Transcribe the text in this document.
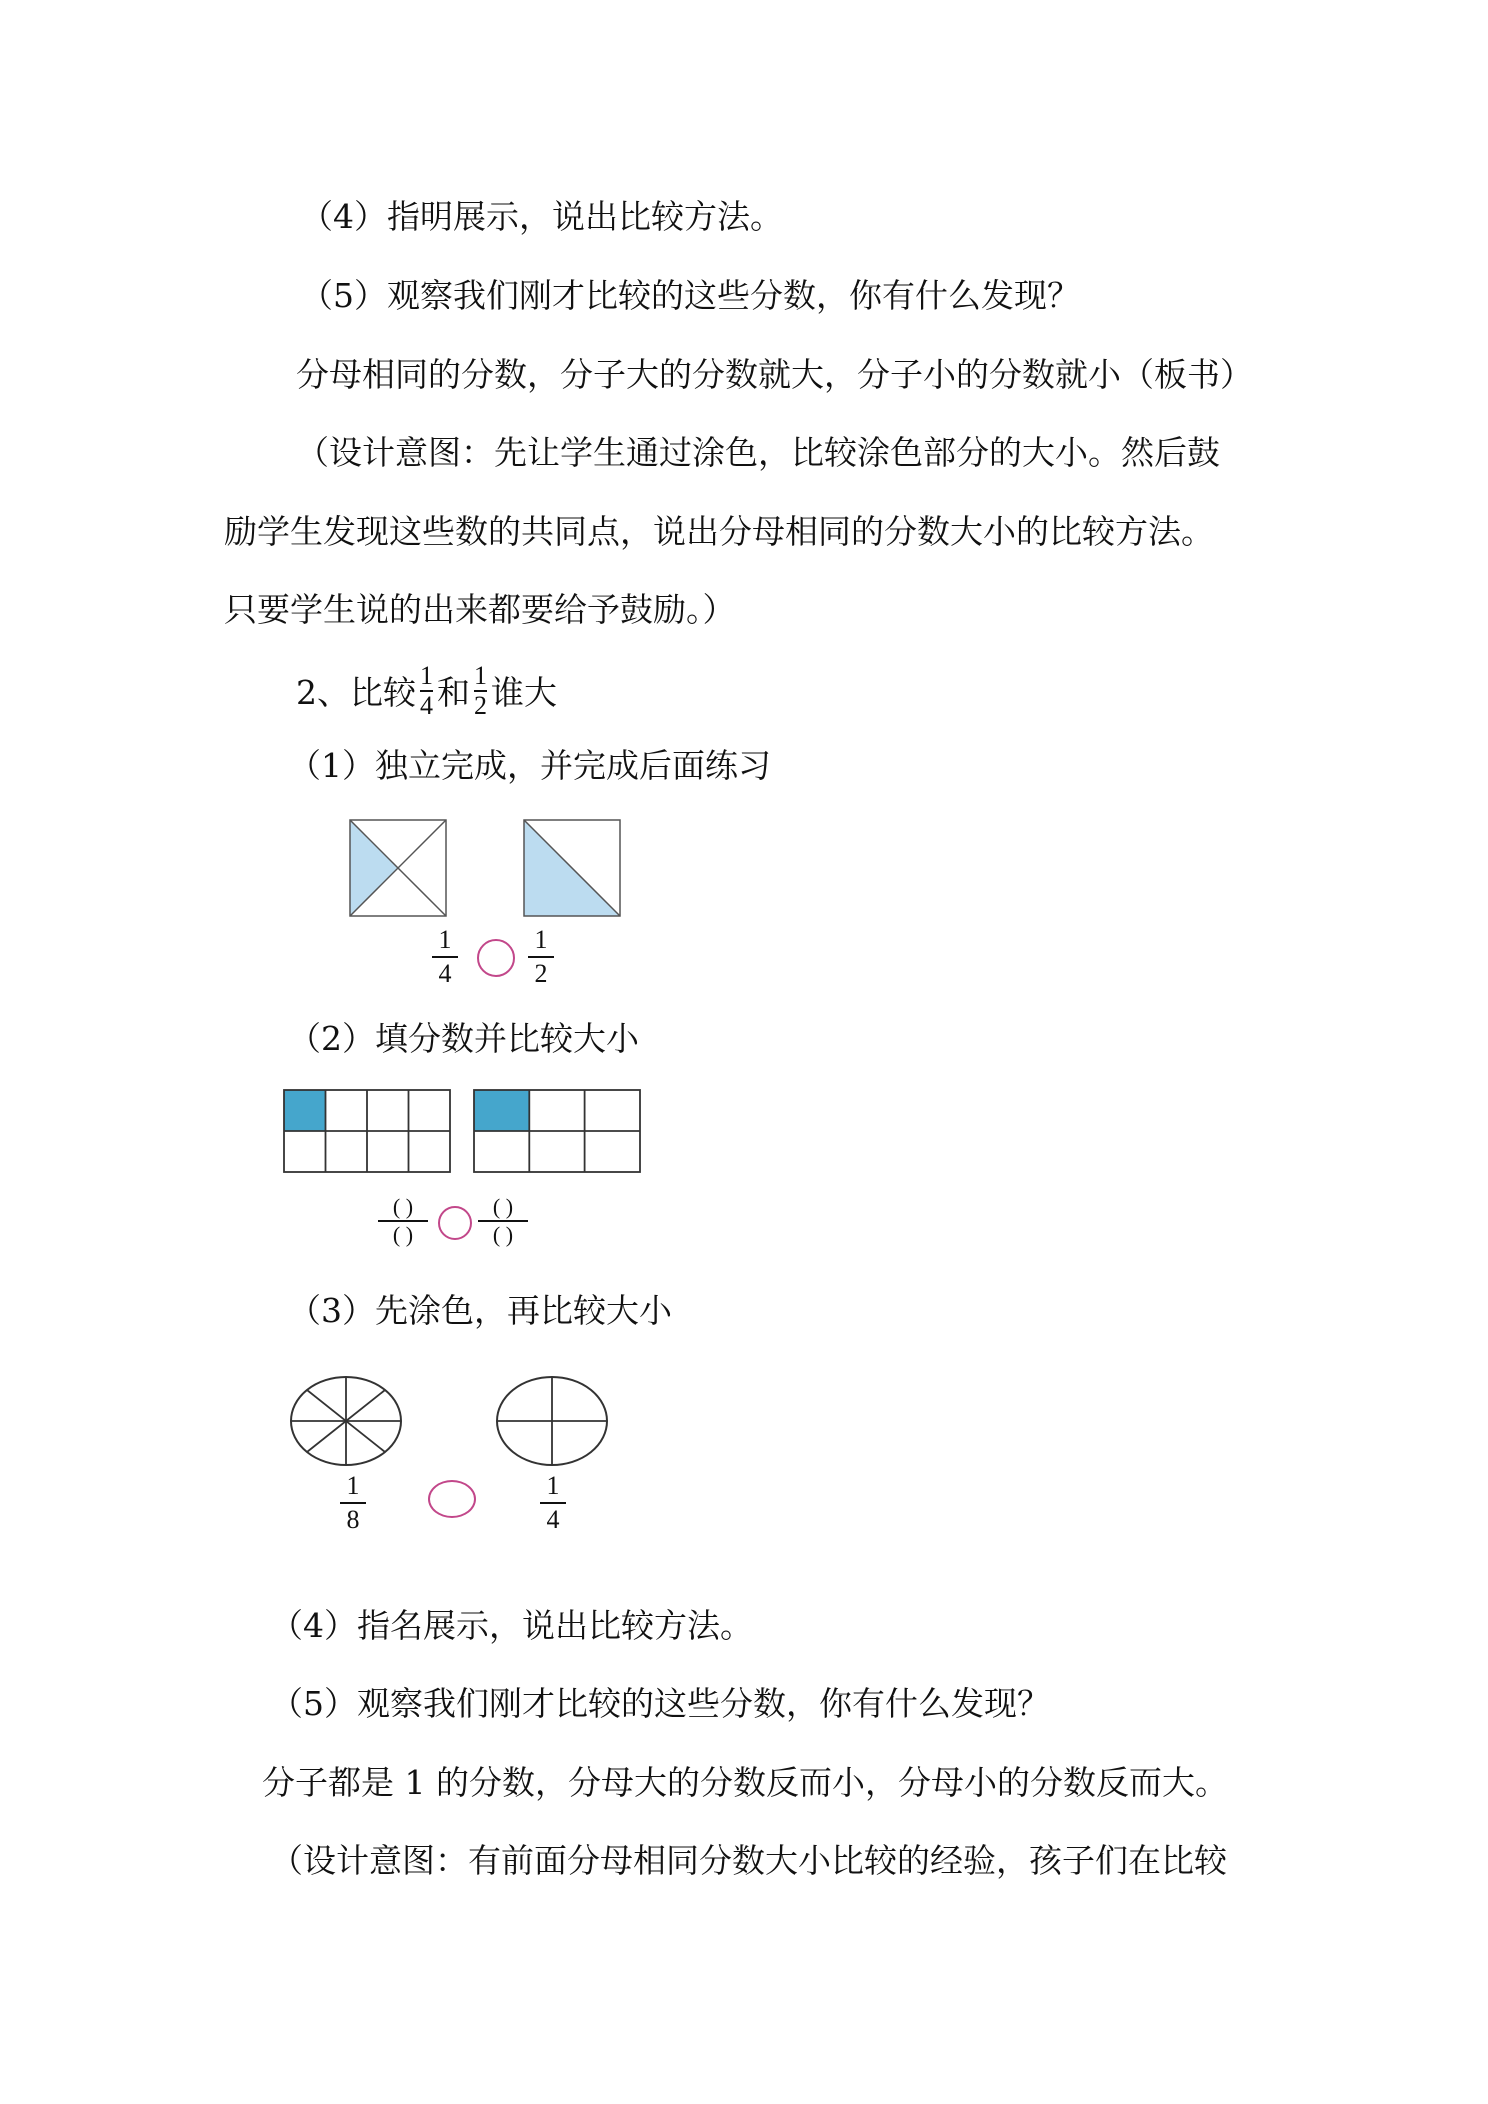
（4）指明展示，说出比较方法。
（5）观察我们刚才比较的这些分数，你有什么发现？
分母相同的分数，分子大的分数就大，分子小的分数就小（板书）
（设计意图：先让学生通过涂色，比较涂色部分的大小。然后鼓
励学生发现这些数的共同点，说出分母相同的分数大小的比较方法。
只要学生说的出来都要给予鼓励。）
2、比较 $\frac{1}{4}$ 和 $\frac{1}{2}$ 谁大
（1）独立完成，并完成后面练习
1
4
1
2
（2）填分数并比较大小
( )
( )
( )
( )
（3）先涂色，再比较大小
1
8
1
4
（4）指名展示，说出比较方法。
（5）观察我们刚才比较的这些分数，你有什么发现？
分子都是 1 的分数，分母大的分数反而小，分母小的分数反而大。
（设计意图：有前面分母相同分数大小比较的经验，孩子们在比较
